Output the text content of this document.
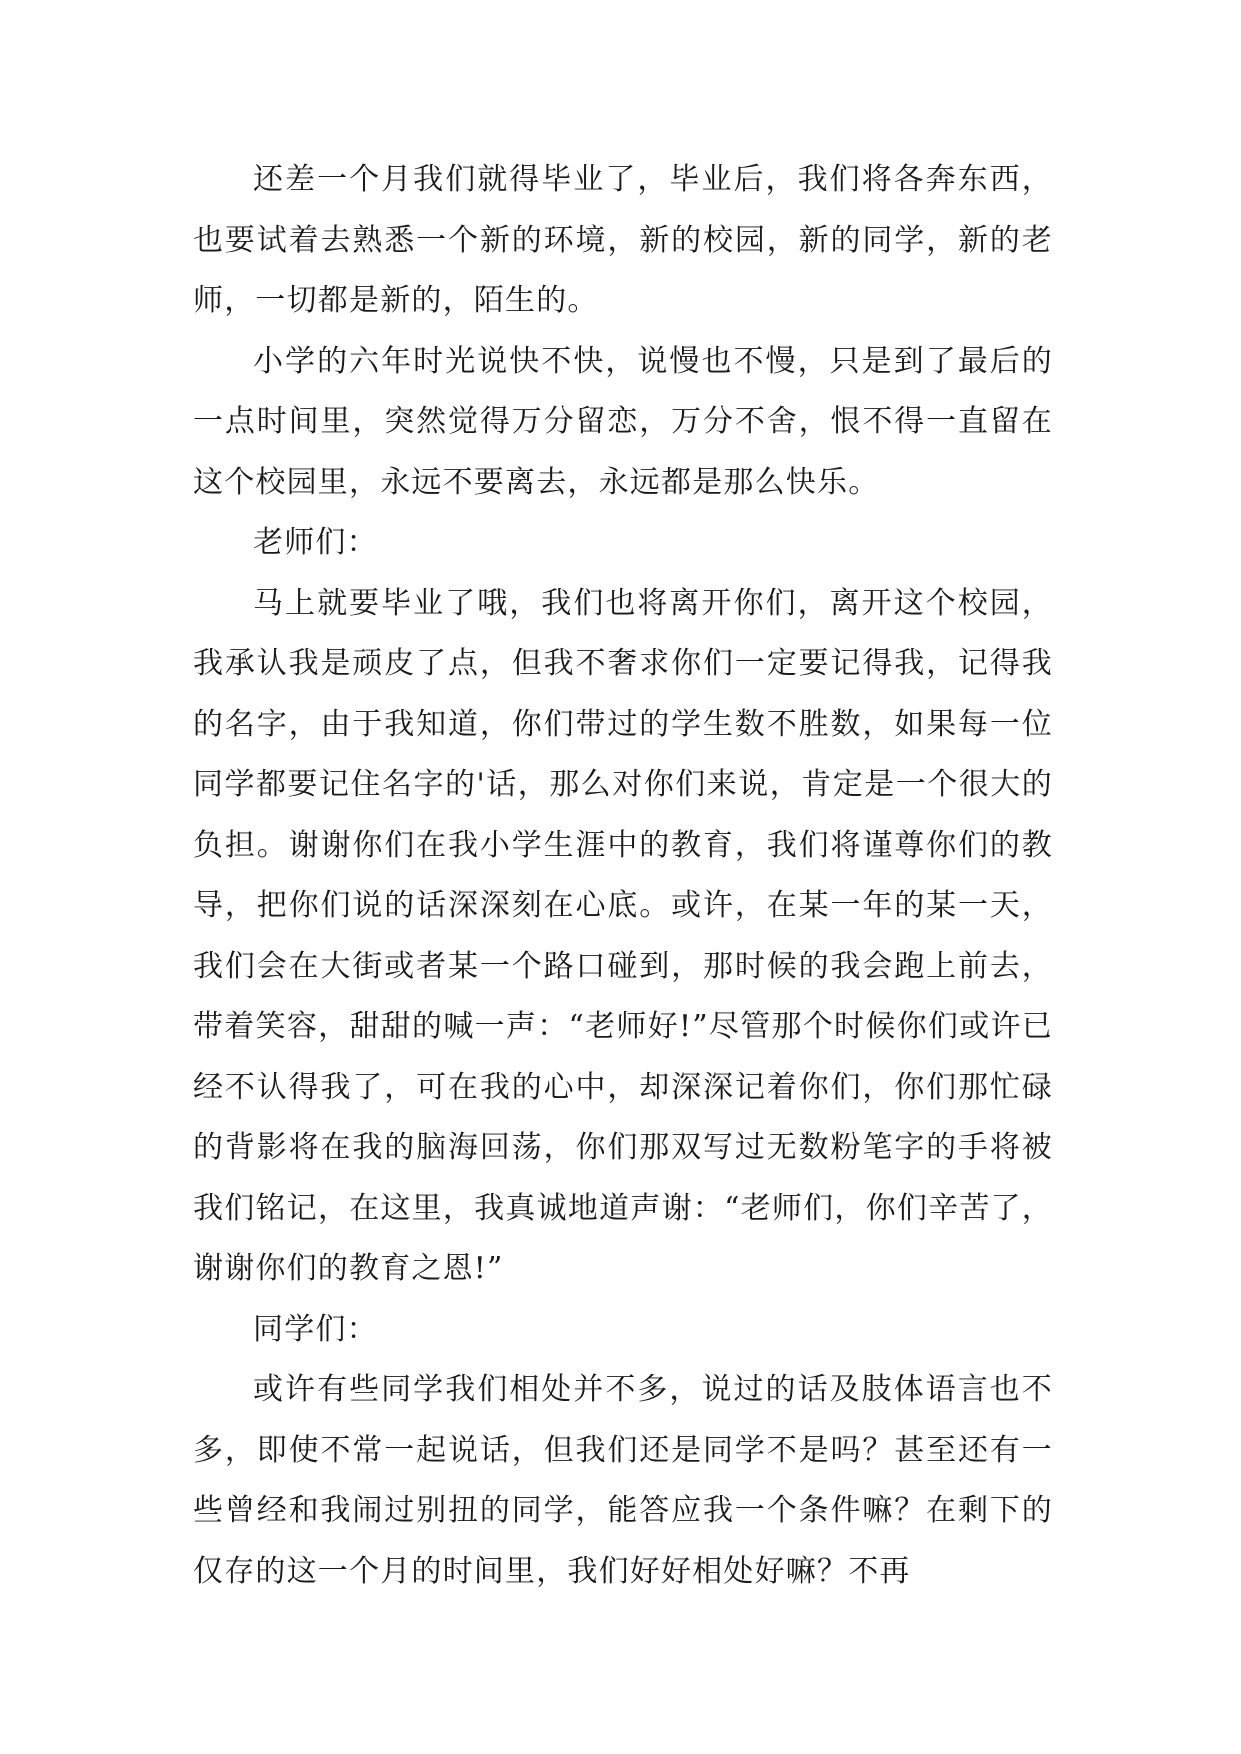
还差一个月我们就得毕业了，毕业后，我们将各奔东西，也要试着去熟悉一个新的环境，新的校园，新的同学，新的老师，一切都是新的，陌生的。

小学的六年时光说快不快，说慢也不慢，只是到了最后的一点时间里，突然觉得万分留恋，万分不舍，恨不得一直留在这个校园里，永远不要离去，永远都是那么快乐。

老师们：

马上就要毕业了哦，我们也将离开你们，离开这个校园，我承认我是顽皮了点，但我不奢求你们一定要记得我，记得我的名字，由于我知道，你们带过的学生数不胜数，如果每一位同学都要记住名字的'话，那么对你们来说，肯定是一个很大的负担。谢谢你们在我小学生涯中的教育，我们将谨尊你们的教导，把你们说的话深深刻在心底。或许，在某一年的某一天，我们会在大街或者某一个路口碰到，那时候的我会跑上前去，带着笑容，甜甜的喊一声：“老师好!”尽管那个时候你们或许已经不认得我了，可在我的心中，却深深记着你们，你们那忙碌的背影将在我的脑海回荡，你们那双写过无数粉笔字的手将被我们铭记，在这里，我真诚地道声谢：“老师们，你们辛苦了，谢谢你们的教育之恩!”

同学们：

或许有些同学我们相处并不多，说过的话及肢体语言也不多，即使不常一起说话，但我们还是同学不是吗？甚至还有一些曾经和我闹过别扭的同学，能答应我一个条件嘛？在剩下的仅存的这一个月的时间里，我们好好相处好嘛？不再
